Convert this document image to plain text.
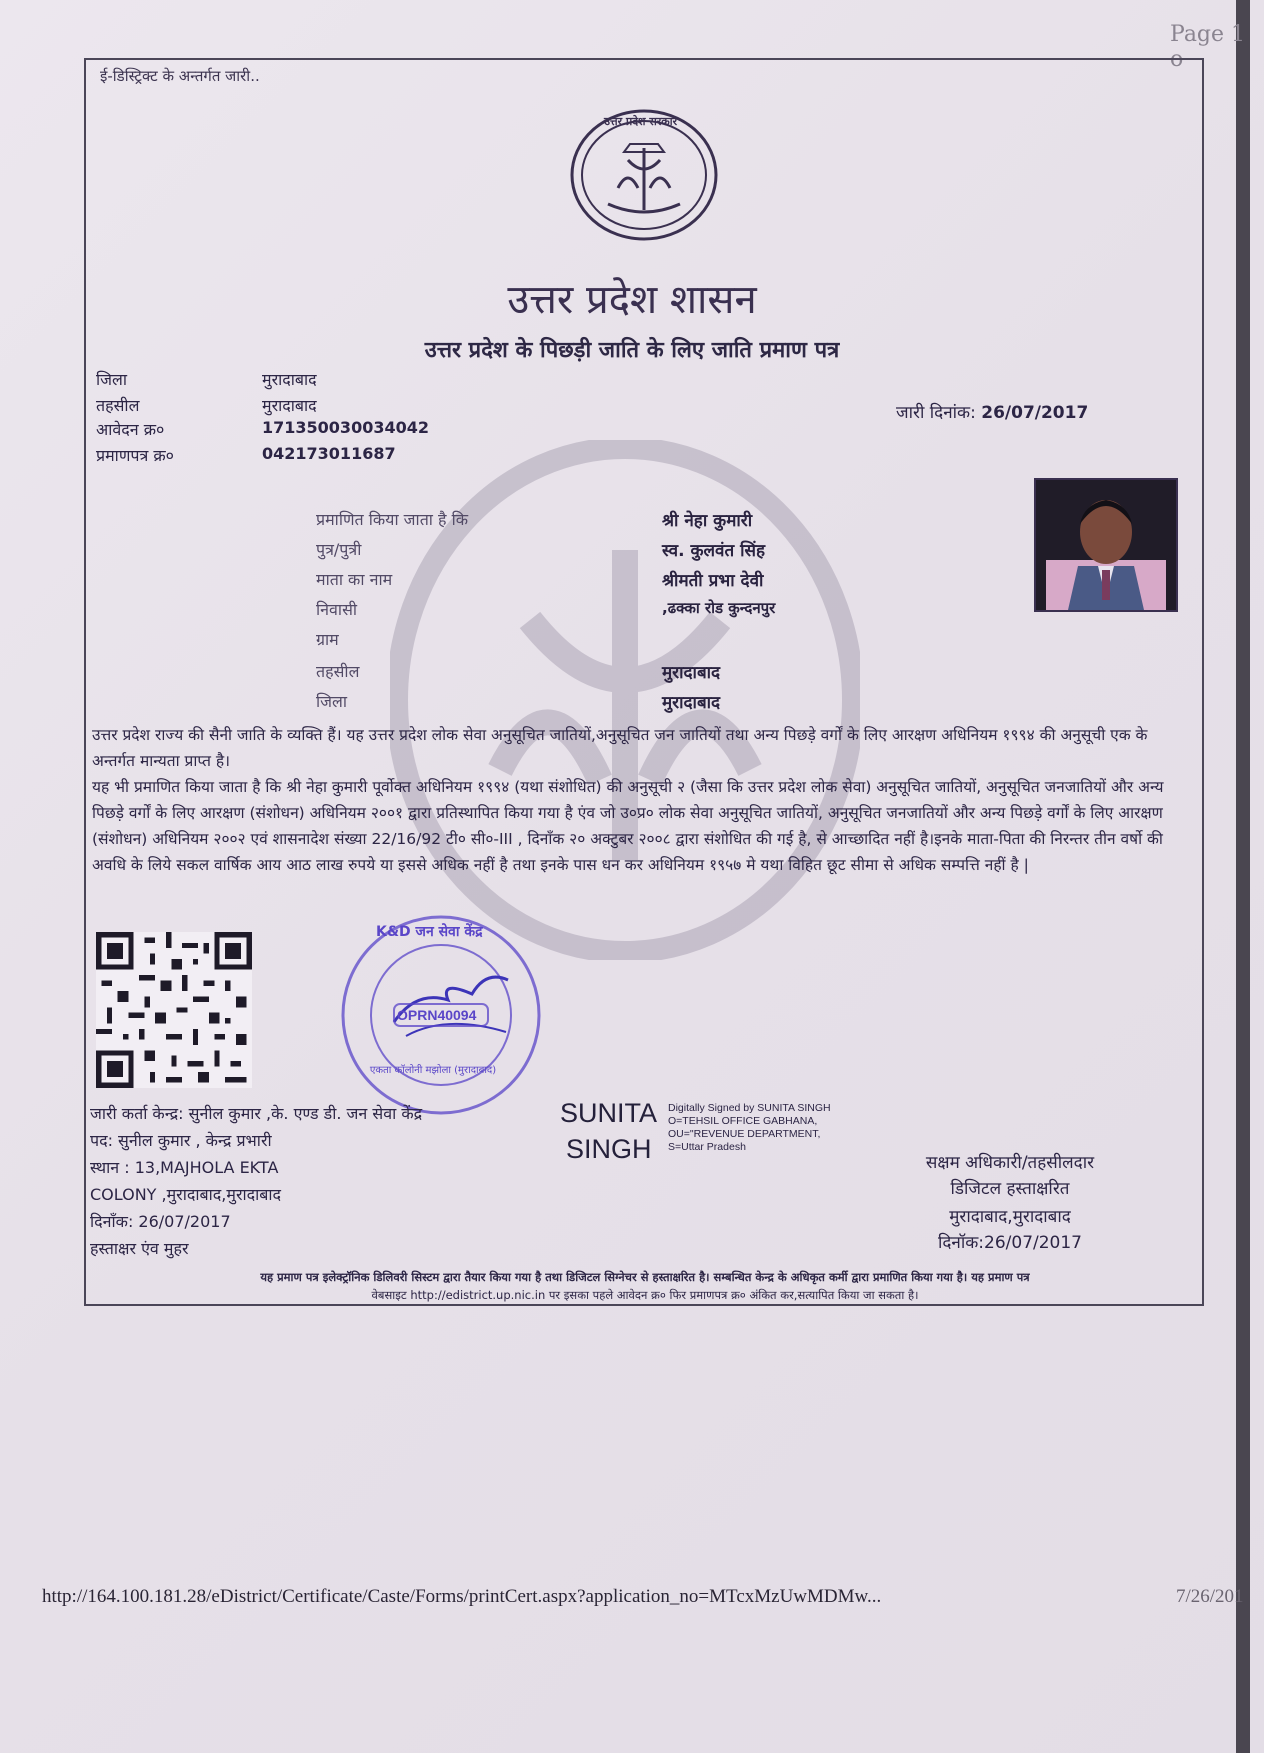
Page 1 o
ई-डिस्ट्रिक्ट के अन्तर्गत जारी..
उत्तर प्रदेश सरकार
उत्तर प्रदेश शासन
उत्तर प्रदेश के पिछड़ी जाति के लिए जाति प्रमाण पत्र
जिला	मुरादाबाद
तहसील	मुरादाबाद
आवेदन क्र०	17135003003404​2
प्रमाणपत्र क्र०	042173011687
जारी दिनांक: 26/07/2017
प्रमाणित किया जाता है कि	श्री नेहा कुमारी
पुत्र/पुत्री	स्व. कुलवंत सिंह
माता का नाम	श्रीमती प्रभा देवी
निवासी	,ढक्का रोड कुन्दनपुर
ग्राम
तहसील	मुरादाबाद
जिला	मुरादाबाद
उत्तर प्रदेश राज्य की सैनी जाति के व्यक्ति हैं। यह उत्तर प्रदेश लोक सेवा अनुसूचित जातियों,अनुसूचित जन जातियों तथा अन्य पिछड़े वर्गों के लिए आरक्षण अधिनियम १९९४ की अनुसूची एक के अन्तर्गत मान्यता प्राप्त है।
यह भी प्रमाणित किया जाता है कि श्री नेहा कुमारी पूर्वोक्त अधिनियम १९९४ (यथा संशोधित) की अनुसूची २ (जैसा कि उत्तर प्रदेश लोक सेवा) अनुसूचित जातियों, अनुसूचित जनजातियों और अन्य पिछड़े वर्गों के लिए आरक्षण (संशोधन) अधिनियम २००१ द्वारा प्रतिस्थापित किया गया है एंव जो उ०प्र० लोक सेवा अनुसूचित जातियों, अनुसूचित जनजातियों और अन्य पिछड़े वर्गों के लिए आरक्षण (संशोधन) अधिनियम २००२ एवं शासनादेश संख्या 22/16/92 टी० सी०-III , दिनाँक २० अक्टुबर २००८ द्वारा संशोधित की गई है, से आच्छादित नहीं है।इनके माता-पिता की निरन्तर तीन वर्षो की अवधि के लिये सकल वार्षिक आय आठ लाख रुपये या इससे अधिक नहीं है तथा इनके पास धन कर अधिनियम १९५७ मे यथा विहित छूट सीमा से अधिक सम्पत्ति नहीं है |
K&D जन सेवा केंद्र
OPRN40094
एकता कॉलोनी मझोला (मुरादाबाद)
जारी कर्ता केन्द्र: सुनील कुमार ,के. एण्ड डी. जन सेवा केंद्र
पद: सुनील कुमार , केन्द्र प्रभारी
स्थान : 13,MAJHOLA EKTA
COLONY ,मुरादाबाद,मुरादाबाद
दिनाँक: 26/07/2017
हस्ताक्षर एंव मुहर
SUNITA
SINGH
Digitally Signed by SUNITA SINGH O=TEHSIL OFFICE GABHANA, OU="REVENUE DEPARTMENT, S=Uttar Pradesh
सक्षम अधिकारी/तहसीलदार
डिजिटल हस्ताक्षरित
मुरादाबाद,मुरादाबाद
दिनॉक:26/07/2017
यह प्रमाण पत्र इलेक्ट्रॉनिक डिलिवरी सिस्टम द्वारा तैयार किया गया है तथा डिजिटल सिग्नेचर से हस्ताक्षरित है। सम्बन्धित केन्द्र के अधिकृत कर्मी द्वारा प्रमाणित किया गया है। यह प्रमाण पत्र
वेबसाइट http://edistrict.up.nic.in पर इसका पहले आवेदन क्र० फिर प्रमाणपत्र क्र० अंकित कर,सत्यापित किया जा सकता है।
http://164.100.181.28/eDistrict/Certificate/Caste/Forms/printCert.aspx?application_no=MTcxMzUwMDMw...	7/26/201
